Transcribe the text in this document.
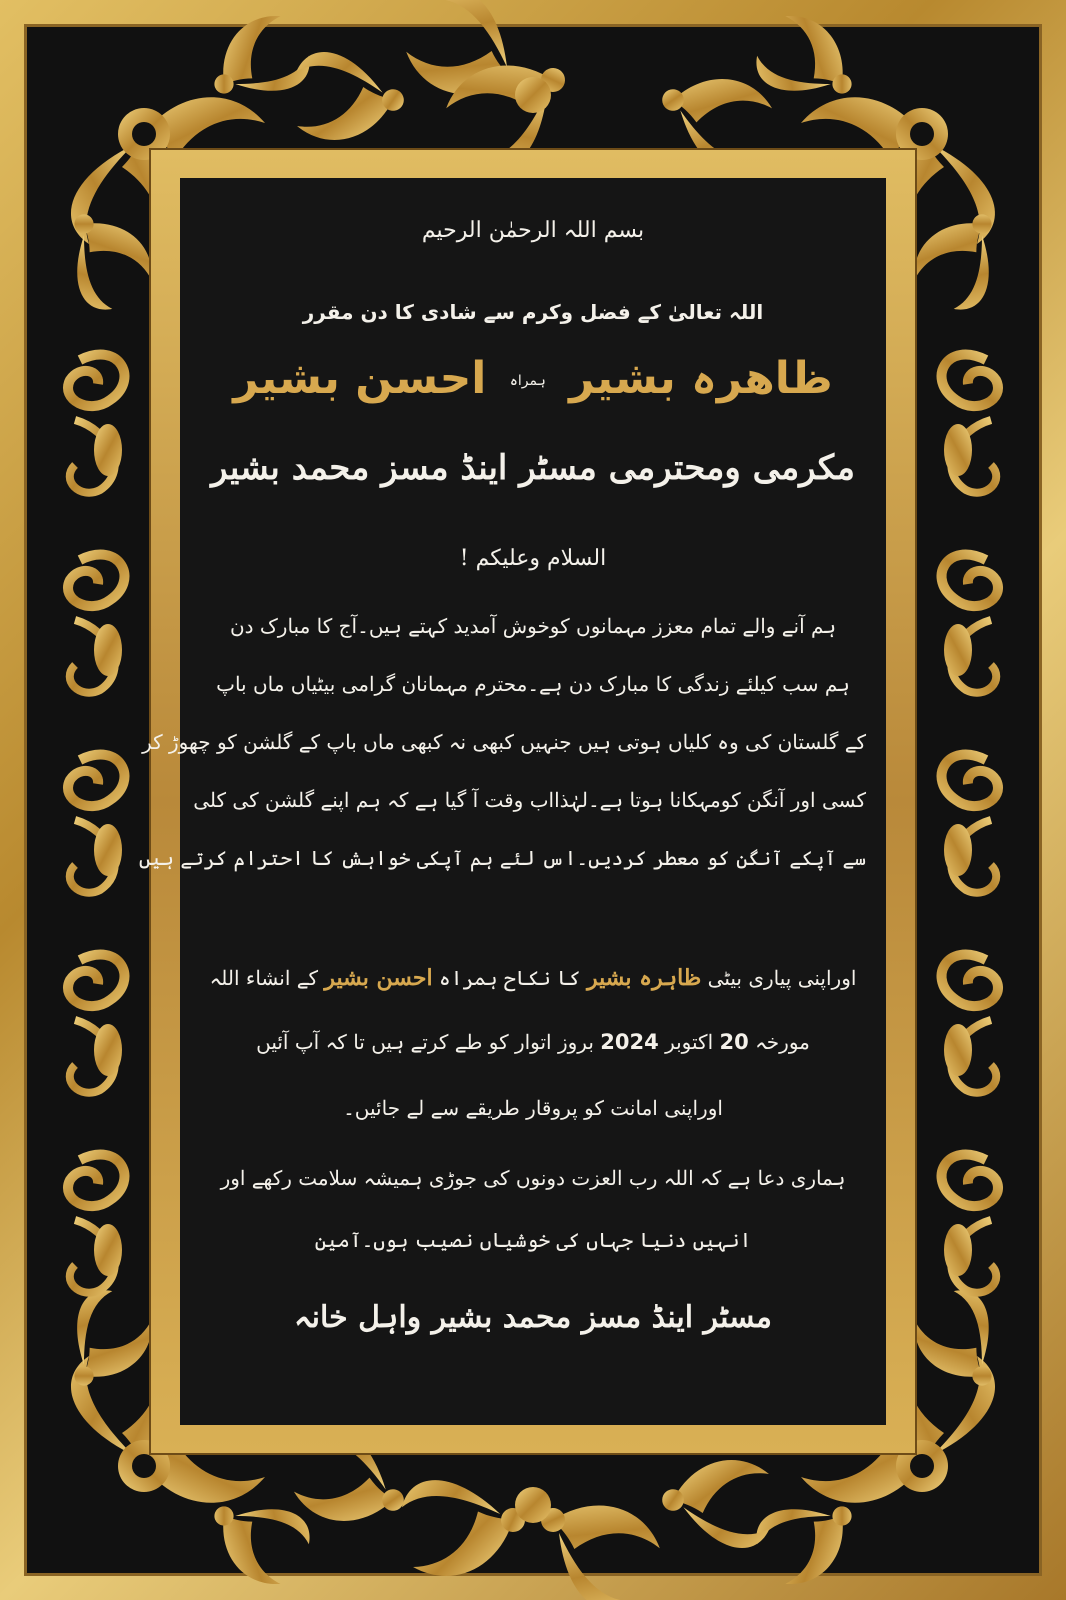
بسم اللہ الرحمٰن الرحیم
اللہ تعالیٰ کے فضل وکرم سے شادی کا دن مقرر
ظاھرہ بشیر ہمراہ احسن بشیر
مکرمی ومحترمی مسٹر اینڈ مسز محمد بشیر
السلام وعلیکم !
ہم آنے والے تمام معزز مہمانوں کوخوش آمدید کہتے ہیں۔آج کا مبارک دن
ہم سب کیلئے زندگی کا مبارک دن ہے۔محترم مہمانان گرامی بیٹیاں ماں باپ
کے گلستان کی وہ کلیاں ہوتی ہیں جنہیں کبھی نہ کبھی ماں باپ کے گلشن کو چھوڑ کر
کسی اور آنگن کومہکانا ہوتا ہے۔لہٰذااب وقت آ گیا ہے کہ ہم اپنے گلشن کی کلی
سے آپکے آنگن کو معطر کردیں۔اس لئے ہم آپکی خواہش کا احترام کرتے ہیں
اوراپنی پیاری بیٹی ظاہرہ بشیر کا نکاح ہمراہ احسن بشیر کے انشاء اللہ
مورخہ 20 اکتوبر 2024 بروز اتوار کو طے کرتے ہیں تا کہ آپ آئیں
اوراپنی امانت کو پروقار طریقے سے لے جائیں۔
ہماری دعا ہے کہ اللہ رب العزت دونوں کی جوڑی ہمیشہ سلامت رکھے اور
انہیں دنیا جہاں کی خوشیاں نصیب ہوں۔آمین
مسٹر اینڈ مسز محمد بشیر واہل خانہ
